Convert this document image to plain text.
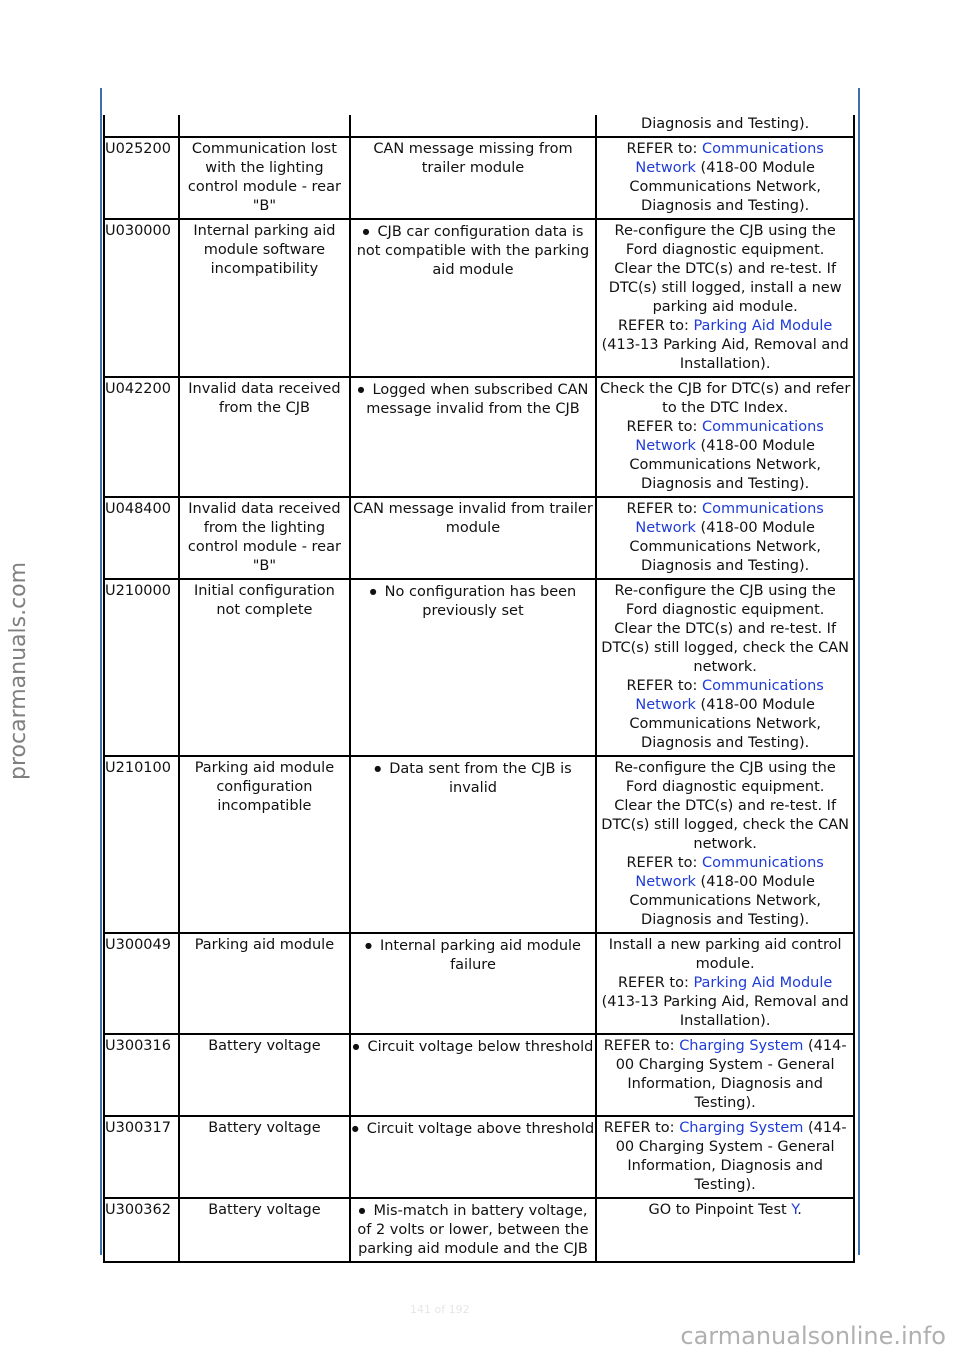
procarmanuals.com
141 of 192
carmanualsonline.info

			Diagnosis and Testing).

U025200	Communication lost with the lighting control module - rear "B"	CAN message missing from trailer module	REFER to: Communications Network (418-00 Module Communications Network, Diagnosis and Testing).

U030000	Internal parking aid module software incompatibility	● CJB car configuration data is not compatible with the parking aid module	Re-configure the CJB using the Ford diagnostic equipment.
Clear the DTC(s) and re-test. If DTC(s) still logged, install a new parking aid module.
REFER to: Parking Aid Module (413-13 Parking Aid, Removal and Installation).

U042200	Invalid data received from the CJB	● Logged when subscribed CAN message invalid from the CJB	Check the CJB for DTC(s) and refer to the DTC Index.
REFER to: Communications Network (418-00 Module Communications Network, Diagnosis and Testing).

U048400	Invalid data received from the lighting control module - rear "B"	CAN message invalid from trailer module	REFER to: Communications Network (418-00 Module Communications Network, Diagnosis and Testing).

U210000	Initial configuration not complete	● No configuration has been previously set	Re-configure the CJB using the Ford diagnostic equipment.
Clear the DTC(s) and re-test. If DTC(s) still logged, check the CAN network.
REFER to: Communications Network (418-00 Module Communications Network, Diagnosis and Testing).

U210100	Parking aid module configuration incompatible	● Data sent from the CJB is invalid	Re-configure the CJB using the Ford diagnostic equipment.
Clear the DTC(s) and re-test. If DTC(s) still logged, check the CAN network.
REFER to: Communications Network (418-00 Module Communications Network, Diagnosis and Testing).

U300049	Parking aid module	● Internal parking aid module failure	Install a new parking aid control module.
REFER to: Parking Aid Module (413-13 Parking Aid, Removal and Installation).

U300316	Battery voltage	● Circuit voltage below threshold	REFER to: Charging System (414-00 Charging System - General Information, Diagnosis and Testing).

U300317	Battery voltage	● Circuit voltage above threshold	REFER to: Charging System (414-00 Charging System - General Information, Diagnosis and Testing).

U300362	Battery voltage	● Mis-match in battery voltage, of 2 volts or lower, between the parking aid module and the CJB	GO to Pinpoint Test Y.
